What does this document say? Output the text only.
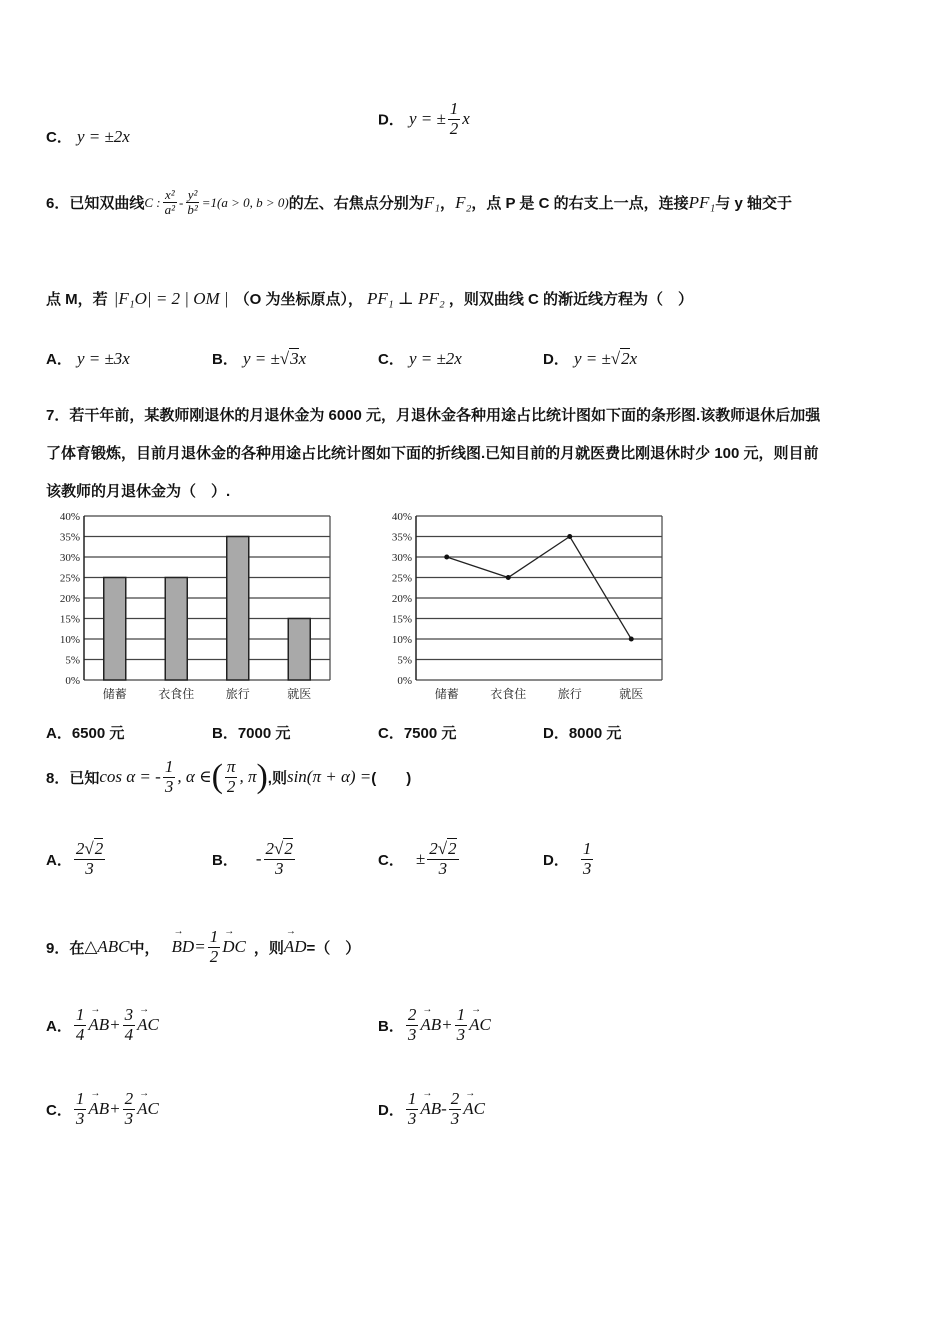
C． y = ±2x
D． y = ± $\frac{1}{2}$ x
6．已知双曲线 C : $\frac{\text{x²}}{\text{a²}} - \frac{\text{y²}}{\text{b²}} =1(a > 0$, b > 0) 的左、右焦点分别为 F₁ ， F₂ ，点 P 是 C 的右支上一点，连接 PF₁ 与 y 轴交于
点 M，若 |F₁O| = 2 | OM | （O 为坐标原点）， PF₁ ⊥ PF₂ ，则双曲线 C 的渐近线方程为（　）
A． y = ±3x	B． y = ±√3x	C． y = ±2x	D． y = ±√2x
7．若干年前，某教师刚退休的月退休金为 6000 元，月退休金各种用途占比统计图如下面的条形图.该教师退休后加强
了体育锻炼，目前月退休金的各种用途占比统计图如下面的折线图.已知目前的月就医费比刚退休时少 100 元，则目前
该教师的月退休金为（　）.
0%
5%
10%
15%
20%
25%
30%
35%
40%
储蓄	衣食住	旅行	就医
0%
5%
10%
15%
20%
25%
30%
35%
40%
储蓄	衣食住	旅行	就医
A．6500 元	B．7000 元	C．7500 元	D．8000 元
8．已知 cos α = - $\frac{1}{3}$ , α ∈ ( $\frac{\pi}{2}$ , π ) ,则 sin(π + α) = (　　)
A． $\frac{2√2}{3}$	B． - $\frac{2√2}{3}$	C． ± $\frac{2√2}{3}$	D． $\frac{1}{3}$
9．在 △ABC 中， → BD = $\frac{1}{2}$ → DC ，则 → AD =（　）
A． $\frac{1}{4}$ → AB + $\frac{3}{4}$ → AC	B． $\frac{2}{3}$ → AB + $\frac{1}{3}$ → AC
C． $\frac{1}{3}$ → AB + $\frac{2}{3}$ → AC	D． $\frac{1}{3}$ → AB - $\frac{2}{3}$ → AC
